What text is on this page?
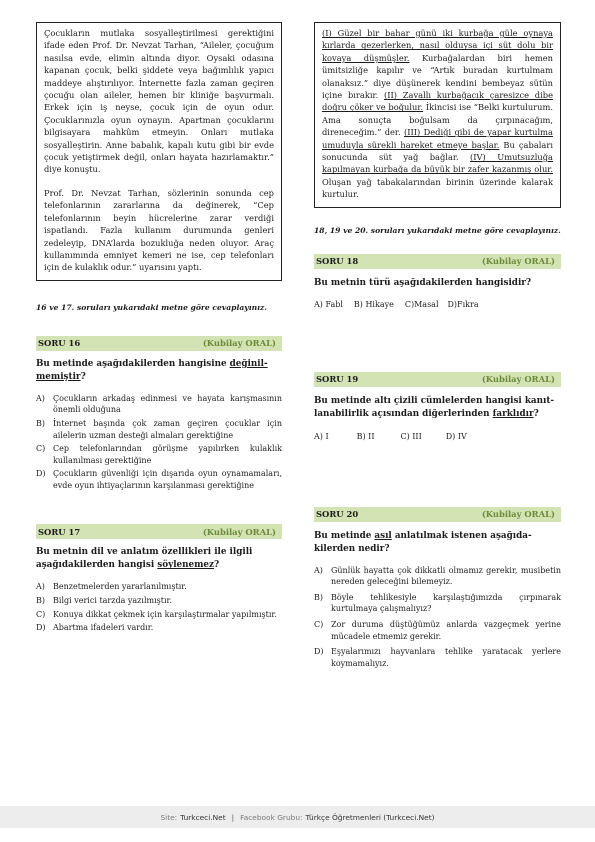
Çocukların mutlaka sosyalleştirilmesi gerektiğini ifade eden Prof. Dr. Nevzat Tarhan, “Aileler, çocuğum nasılsa evde, elimin altında diyor. Oysaki odasına kapanan çocuk, belki şiddete veya bağımlılık yapıcı maddeye alıştırılıyor. İnternette fazla zaman geçiren çocuğu olan aileler, hemen bir kliniğe başvurmalı. Erkek için iş neyse, çocuk için de oyun odur. Çocuklarınızla oyun oynayın. Apartman çocuklarını bilgisayara mahkûm etmeyin. Onları mutlaka sosyalleştirin. Anne babalık, kapalı kutu gibi bir evde çocuk yetiştirmek değil, onları hayata hazırlamaktır.” diye konuştu.

Prof. Dr. Nevzat Tarhan, sözlerinin sonunda cep telefonlarının zararlarına da değinerek, “Cep telefonlarının beyin hücrelerine zarar verdiği ispatlandı. Fazla kullanım durumunda genleri zedeleyip, DNA’larda bozukluğa neden oluyor. Araç kullanımında emniyet kemeri ne ise, cep telefonları için de kulaklık odur.” uyarısını yaptı.

16 ve 17. soruları yukarıdaki metne göre cevaplayınız.
SORU 16	(Kubilay ORAL)
Bu metinde aşağıdakilerden hangisine değinilmemiştir?
A)	Çocukların arkadaş edinmesi ve hayata karışmasının önemli olduğuna
B)	İnternet başında çok zaman geçiren çocuklar için ailelerin uzman desteği almaları gerektiğine
C) Cep telefonlarından görüşme yapılırken kulaklık kullanılması gerektiğine
D) Çocukların güvenliği için dışarıda oyun oynamamaları, evde oyun ihtiyaçlarının karşılanması gerektiğine
SORU 17	(Kubilay ORAL)
Bu metnin dil ve anlatım özellikleri ile ilgili aşağıdakilerden hangisi söylenemez?
A)	Benzetmelerden yararlanılmıştır.
B)	Bilgi verici tarzda yazılmıştır.
C) Konuya dikkat çekmek için karşılaştırmalar yapılmıştır.
D) Abartma ifadeleri vardır.

(I) Güzel bir bahar günü iki kurbağa güle oynaya kırlarda gezerlerken, nasıl olduysa içi süt dolu bir kovaya düşmüşler. Kurbağalardan biri hemen ümitsizliğe kapılır ve “Artık buradan kurtulmam olanaksız.” diye düşünerek kendini bembeyaz sütün içine bırakır. (II) Zavallı kurbağacık çaresizce dibe doğru çöker ve boğulur. İkincisi ise “Belki kurtulurum. Ama sonuçta boğulsam da çırpınacağım, direneceğim.” der. (III) Dediği gibi de yapar kurtulma umuduyla sürekli hareket etmeye başlar. Bu çabaları sonucunda süt yağ bağlar. (IV) Umutsuzluğa kapılmayan kurbağa da büyük bir zafer kazanmış olur. Oluşan yağ tabakalarından birinin üzerinde kalarak kurtulur.

18, 19 ve 20. soruları yukarıdaki metne göre cevaplayınız.
SORU 18	(Kubilay ORAL)
Bu metnin türü aşağıdakilerden hangisidir?
A) Fabl B) Hikaye C)Masal D)Fıkra
SORU 19	(Kubilay ORAL)
Bu metinde altı çizili cümlelerden hangisi kanıtlanabilirlik açısından diğerlerinden farklıdır?
A) I	B) II	C) III	D) IV
SORU 20	(Kubilay ORAL)
Bu metinde asıl anlatılmak istenen aşağıdakilerden nedir?
A)	Günlük hayatta çok dikkatli olmamız gerekir, musibetin nereden geleceğini bilemeyiz.
B)	Böyle tehlikesiyle karşılaştığımızda çırpınarak kurtulmaya çalışmalıyız?
C) Zor duruma düştüğümüz anlarda vazgeçmek yerine mücadele etmemiz gerekir.
D) Eşyalarımızı hayvanlara tehlike yaratacak yerlere koymamalıyız.
Site: Turkceci.Net | Facebook Grubu: Türkçe Öğretmenleri (Turkceci.Net)
